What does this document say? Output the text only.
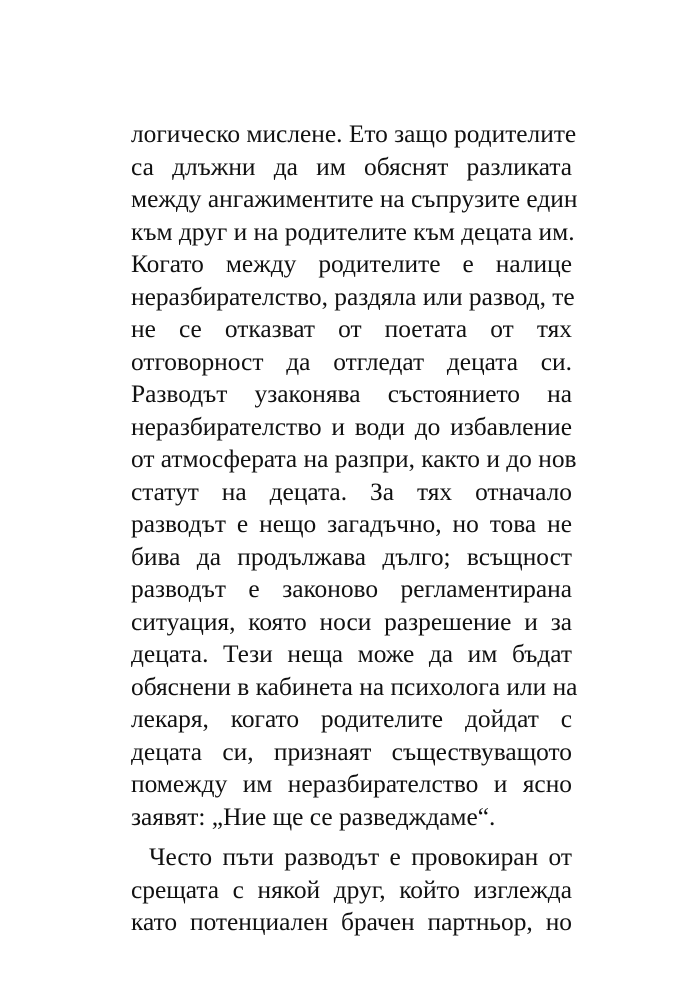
логическо мислене. Ето защо родителите
са длъжни да им обяснят разликата
между ангажиментите на съпрузите един
към друг и на родителите към децата им.
Когато между родителите е налице
неразбирателство, раздяла или развод, те
не се отказват от поетата от тях
отговорност да отгледат децата си.
Разводът узаконява състоянието на
неразбирателство и води до избавление
от атмосферата на разпри, както и до нов
статут на децата. За тях отначало
разводът е нещо загадъчно, но това не
бива да продължава дълго; всъщност
разводът е законово регламентирана
ситуация, която носи разрешение и за
децата. Тези неща може да им бъдат
обяснени в кабинета на психолога или на
лекаря, когато родителите дойдат с
децата си, признаят съществуващото
помежду им неразбирателство и ясно
заявят: „Ние ще се разведждаме“.
Често пъти разводът е провокиран от
срещата с някой друг, който изглежда
като потенциален брачен партньор, но
